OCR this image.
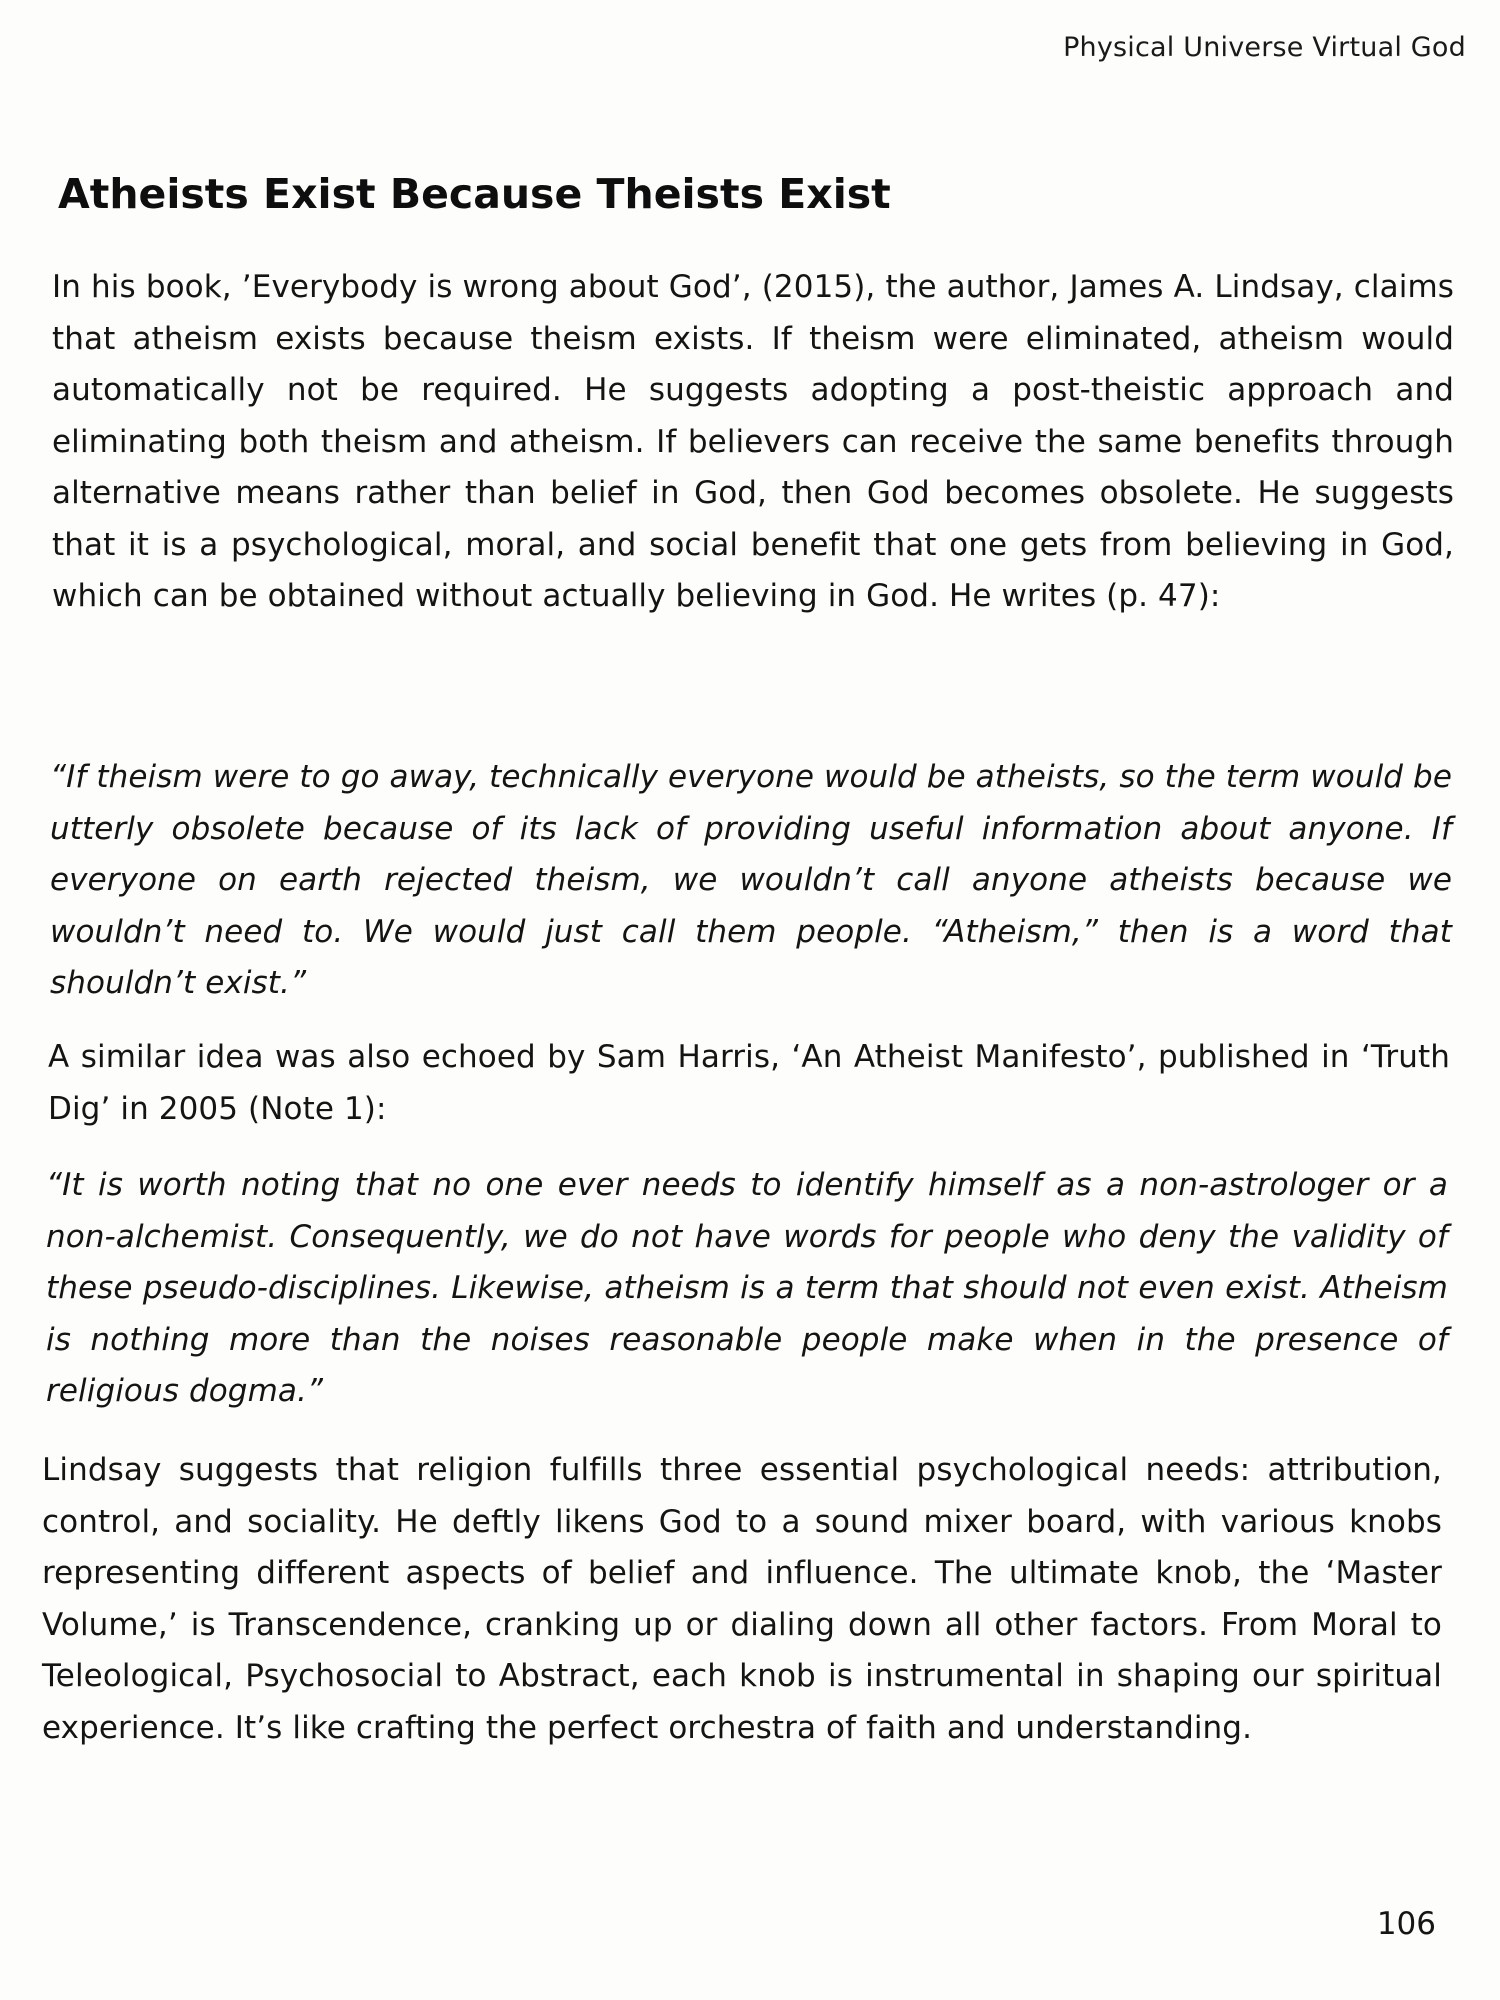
Physical Universe Virtual God
Atheists Exist Because Theists Exist

In his book, ’Everybody is wrong about God’, (2015), the author, James A. Lindsay, claims that atheism exists because theism exists. If theism were eliminated, atheism would automatically not be required. He suggests adopting a post-theistic approach and eliminating both theism and atheism. If believers can receive the same benefits through alternative means rather than belief in God, then God becomes obsolete. He suggests that it is a psychological, moral, and social benefit that one gets from believing in God, which can be obtained without actually believing in God. He writes (p. 47):

“If theism were to go away, technically everyone would be atheists, so the term would be utterly obsolete because of its lack of providing useful information about anyone. If everyone on earth rejected theism, we wouldn’t call anyone atheists because we wouldn’t need to. We would just call them people. “Atheism,” then is a word that shouldn’t exist.”

A similar idea was also echoed by Sam Harris, ‘An Atheist Manifesto’, published in ‘Truth Dig’ in 2005 (Note 1):

“It is worth noting that no one ever needs to identify himself as a non-astrologer or a non-alchemist. Consequently, we do not have words for people who deny the validity of these pseudo-disciplines. Likewise, atheism is a term that should not even exist. Atheism is nothing more than the noises reasonable people make when in the presence of religious dogma.”

Lindsay suggests that religion fulfills three essential psychological needs: attribution, control, and sociality. He deftly likens God to a sound mixer board, with various knobs representing different aspects of belief and influence. The ultimate knob, the ‘Master Volume,’ is Transcendence, cranking up or dialing down all other factors. From Moral to Teleological, Psychosocial to Abstract, each knob is instrumental in shaping our spiritual experience. It’s like crafting the perfect orchestra of faith and understanding.

106
